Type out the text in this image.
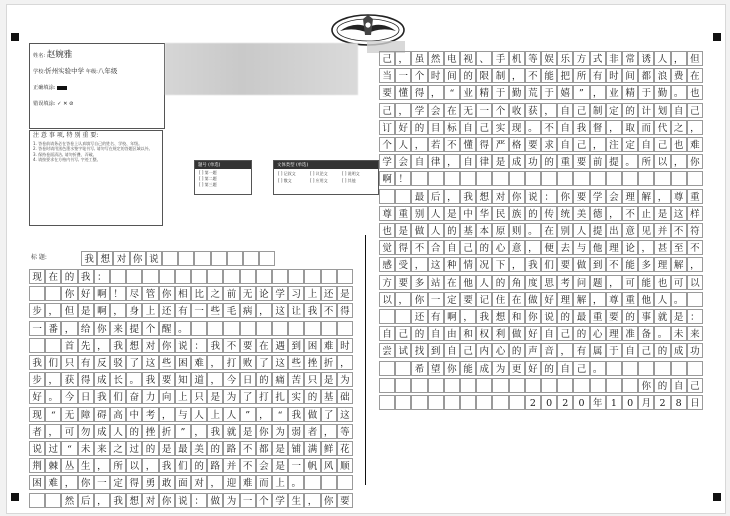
姓名: 赵婉雅
学校:忻州实验中学 年级:八年级
正确填涂:
错误填涂: ✓ ✕ ⊘
注 意 事 项, 特 别 重 要:
1. 答卷前请务必在答卷上认真填写自己的姓名、学校、年级。
2. 答卷时请用黑色墨水签字笔书写, 请勿写在规定的答题区域以外。
3. 保持卷面清洁, 请勿折叠、弄破。
4. 请按要求在方格内书写, 字迹工整。
题号 (单选)
[ ] 第一题
[ ] 第二题
[ ] 第三题
文体类型 (单选)
[ ] 记叙文	[ ] 议论文	[ ] 说明文
[ ] 散文	[ ] 应用文	[ ] 其他
标 题:
现 在 的 我 ：
你 好 啊 ！ 尽 管 你 相 比 之 前 无 论 学 习 上 还 是
步 ， 但 是 啊 ， 身 上 还 有 一 些 毛 病 ， 这 让 我 不 得
一 番 ， 给 你 来 提 个 醒 。
首 先 ， 我 想 对 你 说 ： 我 不 要 在 遇 到 困 难 时
我 们 只 有 反 驳 了 这 些 困 难 ， 打 败 了 这 些 挫 折 ，
步 ， 获 得 成 长 。 我 要 知 道 ， 今 日 的 痛 苦 只 是 为
好 。 今 日 我 们 奋 力 向 上 只 是 为 了 打 扎 实 的 基 础
现 “ 无 障 碍 高 中 考 ， 与 人 上 人 ” ， “ 我 做 了 这
者 ， 可 勿 成 人 的 挫 折 ” ， 我 就 是 你 为 弱 者 ， 等
说 过 “ 未 来 之 过 的 是 最 美 的 路 不 都 是 铺 满 鲜 花
荆 棘 丛 生 ， 所 以 ， 我 们 的 路 并 不 会 是 一 帆 风 顺
困 难 ， 你 一 定 得 勇 敢 面 对 ， 迎 难 而 上 。
然 后 ， 我 想 对 你 说 ： 做 为 一 个 学 生 ， 你 要
己 ， 虽 然 电 视 、 手 机 等 娱 乐 方 式 非 常 诱 人 ， 但
当 一 个 时 间 的 限 制 ， 不 能 把 所 有 时 间 都 浪 费 在
要 懂 得 ， “ 业 精 于 勤 荒 于 嬉 ” ， 业 精 于 勤 。 也
己 ， 学 会 在 无 一 个 收 获 ， 自 己 制 定 的 计 划 自 己
订 好 的 目 标 自 己 实 现 。 不 自 我 督 ， 取 而 代 之 ，
个 人 ， 若 不 懂 得 严 格 要 求 自 己 ， 注 定 自 己 也 难
学 会 自 律 ， 自 律 是 成 功 的 重 要 前 提 。 所 以 ， 你
啊 ！
最 后 ， 我 想 对 你 说 ： 你 要 学 会 理 解 ， 尊 重
尊 重 别 人 是 中 华 民 族 的 传 统 美 德 ， 不 止 是 这 样
也 是 做 人 的 基 本 原 则 。 在 别 人 提 出 意 见 并 不 符
觉 得 不 合 自 己 的 心 意 ， 便 去 与 他 理 论 ， 甚 至 不
感 受 ， 这 种 情 况 下 ， 我 们 要 做 到 不 能 多 理 解 ，
方 要 多 站 在 他 人 的 角 度 思 考 问 题 ， 可 能 也 可 以
以 ， 你 一 定 要 记 住 在 做 好 理 解 ， 尊 重 他 人 。
还 有 啊 ， 我 想 和 你 说 的 最 重 要 的 事 就 是 ：
自 己 的 自 由 和 权 利 做 好 自 己 的 心 理 准 备 。 未 来
尝 试 找 到 自 己 内 心 的 声 音 ， 有 属 于 自 己 的 成 功
希 望 你 能 成 为 更 好 的 自 己 。
你 的 自 己
2	0	2	0 年 1	0 月 2	8 日
我 想 对 你 说
